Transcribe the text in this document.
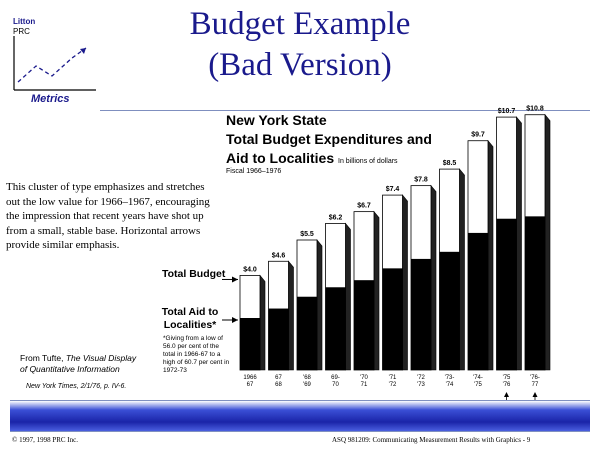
Litton
PRC
Metrics
Budget Example
(Bad Version)
$4.0
$4.6
$5.5
$6.2
$6.7
$7.4
$7.8
$8.5
$9.7
$10.7 $10.8
1966
67
67
68
'68
'69
69-
70
'70
71
'71
'72
'72
'73
'73-
'74
'74-
'75
'75
'76
'76-
77
New York State
Total Budget Expenditures and
Aid to Localities In billions of dollars
Fiscal 1966–1976
This cluster of type emphasizes and stretches out the low value for 1966–1967, encouraging the impression that recent years have shot up from a small, stable base. Horizontal arrows provide similar emphasis.
Total Budget
Total Aid to
Localities*
*Giving from a low of 56.0 per cent of the total in 1966-67 to a high of 60.7 per cent in 1972-73
From Tufte, The Visual Display
of Quantitative Information
New York Times, 2/1/76, p. IV-6.
© 1997, 1998 PRC Inc.	ASQ 981209: Communicating Measurement Results with Graphics - 9
